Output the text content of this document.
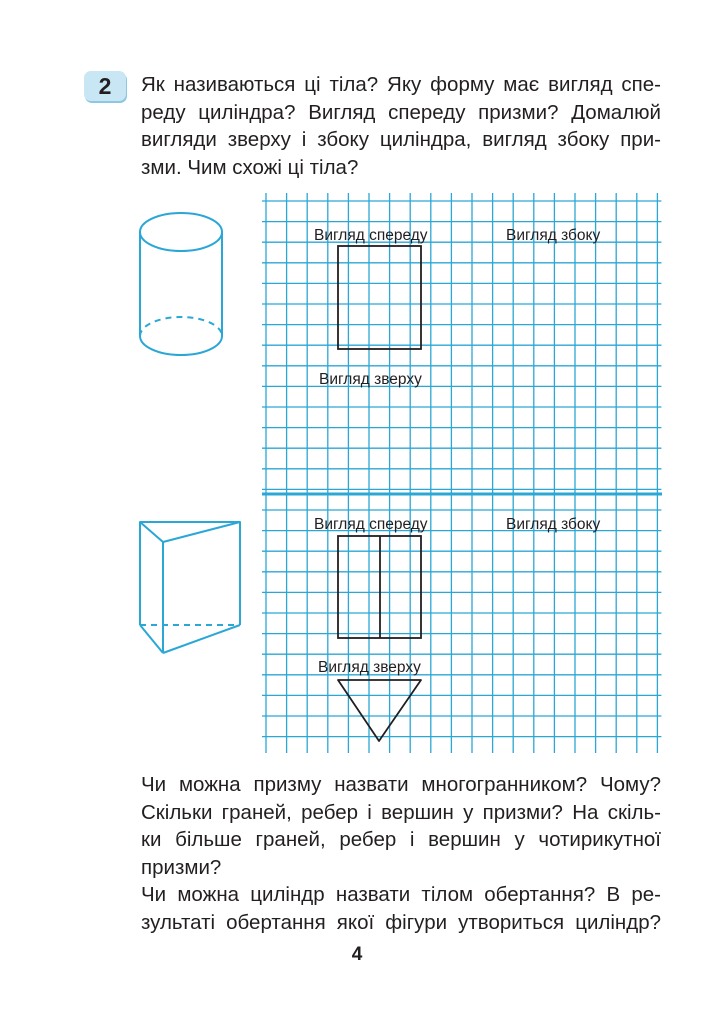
2	Як називаються ці тіла? Яку форму має вигляд спе-
реду циліндра? Вигляд спереду призми? Домалюй
вигляди зверху і збоку циліндра, вигляд збоку при-
зми. Чим схожі ці тіла?
Вигляд спереду	Вигляд збоку
Вигляд зверху
Вигляд спереду	Вигляд збоку
Вигляд зверху
Чи можна призму назвати многогранником? Чому?
Скільки граней, ребер і вершин у призми? На скіль-
ки більше граней, ребер і вершин у чотирикутної
призми?
Чи можна циліндр назвати тілом обертання? В ре-
зультаті обертання якої фігури утвориться циліндр?
4
